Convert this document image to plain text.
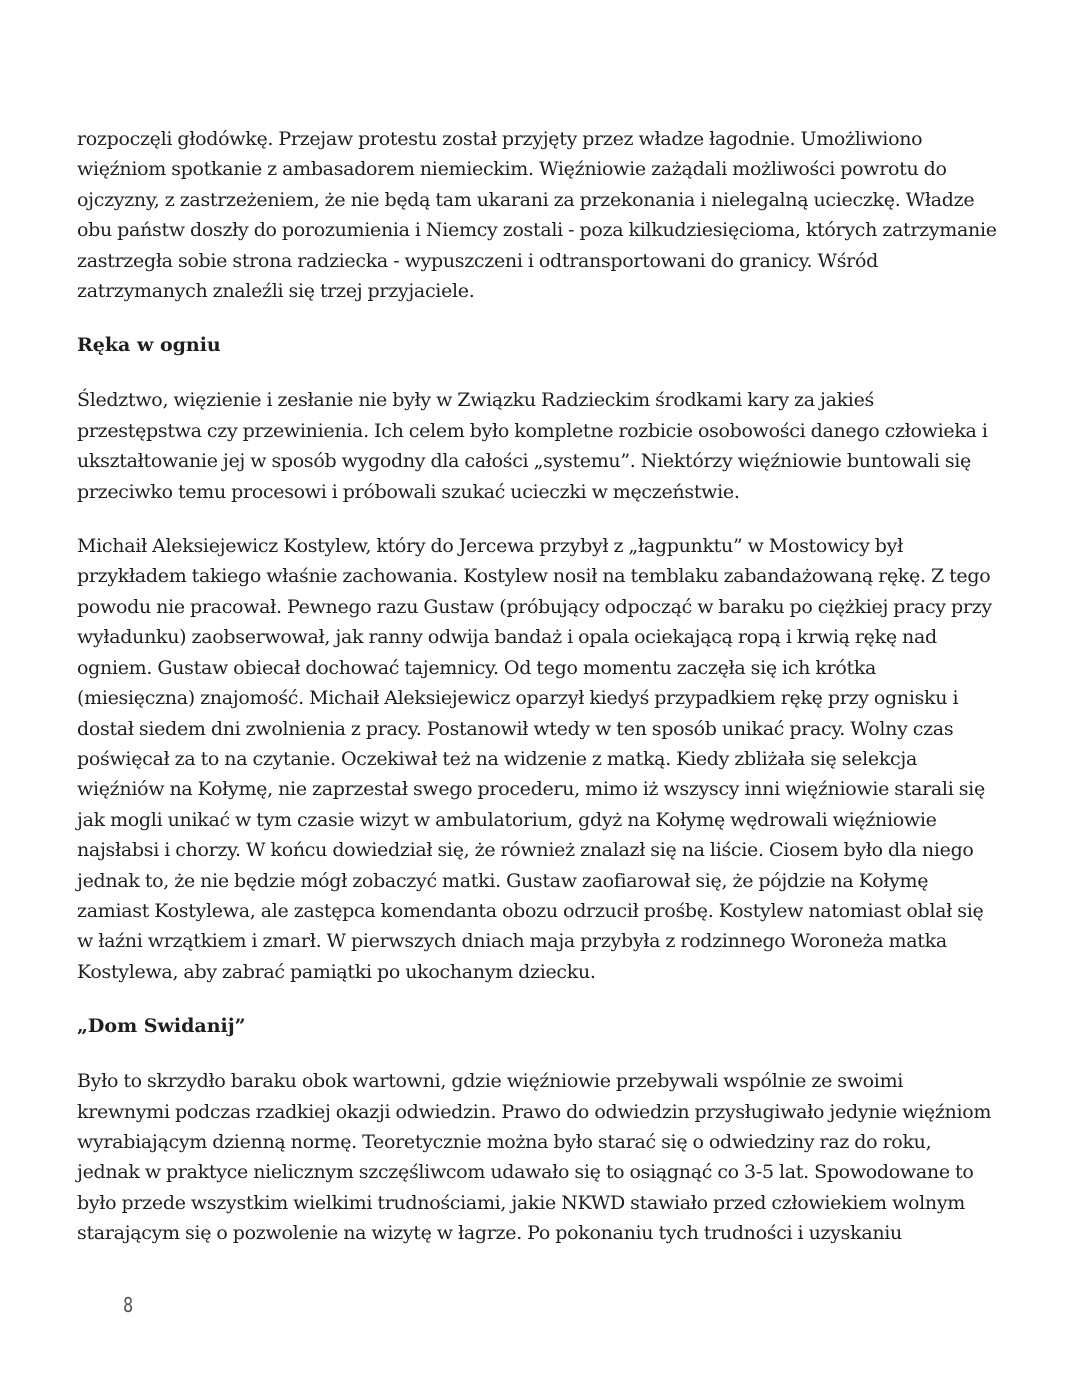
rozpoczęli głodówkę. Przejaw protestu został przyjęty przez władze łagodnie. Umożliwiono więźniom spotkanie z ambasadorem niemieckim. Więźniowie zażądali możliwości powrotu do ojczyzny, z zastrzeżeniem, że nie będą tam ukarani za przekonania i nielegalną ucieczkę. Władze obu państw doszły do porozumienia i Niemcy zostali - poza kilkudziesięcioma, których zatrzymanie zastrzegła sobie strona radziecka - wypuszczeni i odtransportowani do granicy. Wśród zatrzymanych znaleźli się trzej przyjaciele.

Ręka w ogniu

Śledztwo, więzienie i zesłanie nie były w Związku Radzieckim środkami kary za jakieś przestępstwa czy przewinienia. Ich celem było kompletne rozbicie osobowości danego człowieka i ukształtowanie jej w sposób wygodny dla całości „systemu”. Niektórzy więźniowie buntowali się przeciwko temu procesowi i próbowali szukać ucieczki w męczeństwie.

Michaił Aleksiejewicz Kostylew, który do Jercewa przybył z „łagpunktu” w Mostowicy był przykładem takiego właśnie zachowania. Kostylew nosił na temblaku zabandażowaną rękę. Z tego powodu nie pracował. Pewnego razu Gustaw (próbujący odpocząć w baraku po ciężkiej pracy przy wyładunku) zaobserwował, jak ranny odwija bandaż i opala ociekającą ropą i krwią rękę nad ogniem. Gustaw obiecał dochować tajemnicy. Od tego momentu zaczęła się ich krótka (miesięczna) znajomość. Michaił Aleksiejewicz oparzył kiedyś przypadkiem rękę przy ognisku i dostał siedem dni zwolnienia z pracy. Postanowił wtedy w ten sposób unikać pracy. Wolny czas poświęcał za to na czytanie. Oczekiwał też na widzenie z matką. Kiedy zbliżała się selekcja więźniów na Kołymę, nie zaprzestał swego procederu, mimo iż wszyscy inni więźniowie starali się jak mogli unikać w tym czasie wizyt w ambulatorium, gdyż na Kołymę wędrowali więźniowie najsłabsi i chorzy. W końcu dowiedział się, że również znalazł się na liście. Ciosem było dla niego jednak to, że nie będzie mógł zobaczyć matki. Gustaw zaofiarował się, że pójdzie na Kołymę zamiast Kostylewa, ale zastępca komendanta obozu odrzucił prośbę. Kostylew natomiast oblał się w łaźni wrzątkiem i zmarł. W pierwszych dniach maja przybyła z rodzinnego Woroneża matka Kostylewa, aby zabrać pamiątki po ukochanym dziecku.

„Dom Swidanij”

Było to skrzydło baraku obok wartowni, gdzie więźniowie przebywali wspólnie ze swoimi krewnymi podczas rzadkiej okazji odwiedzin. Prawo do odwiedzin przysługiwało jedynie więźniom wyrabiającym dzienną normę. Teoretycznie można było starać się o odwiedziny raz do roku, jednak w praktyce nielicznym szczęśliwcom udawało się to osiągnąć co 3-5 lat. Spowodowane to było przede wszystkim wielkimi trudnościami, jakie NKWD stawiało przed człowiekiem wolnym starającym się o pozwolenie na wizytę w łagrze. Po pokonaniu tych trudności i uzyskaniu

8
